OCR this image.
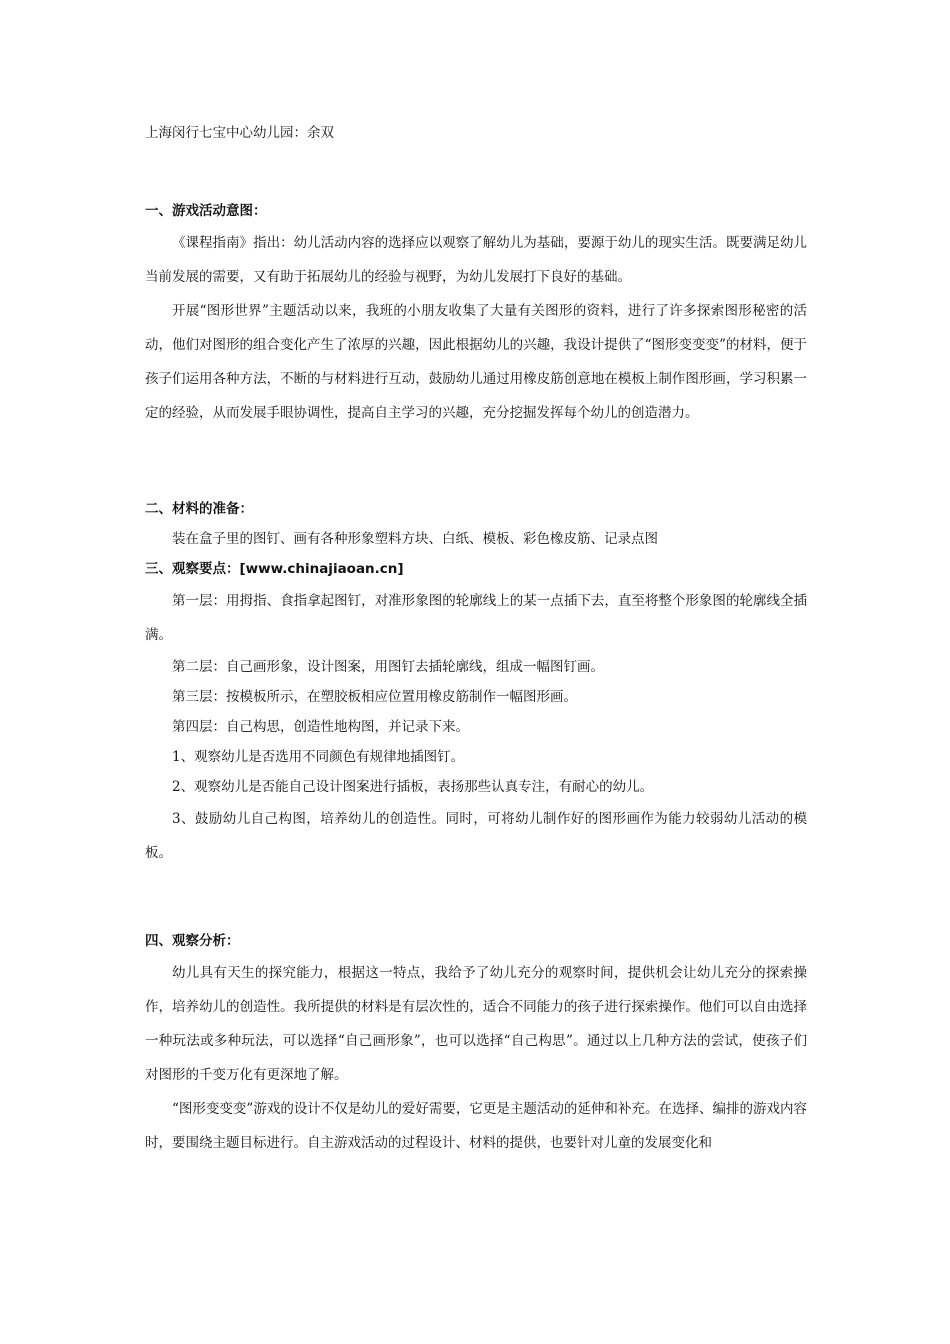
上海闵行七宝中心幼儿园：余双

一、游戏活动意图：

《课程指南》指出：幼儿活动内容的选择应以观察了解幼儿为基础，要源于幼儿的现实生活。既要满足幼儿当前发展的需要，又有助于拓展幼儿的经验与视野，为幼儿发展打下良好的基础。

开展“图形世界”主题活动以来，我班的小朋友收集了大量有关图形的资料，进行了许多探索图形秘密的活动，他们对图形的组合变化产生了浓厚的兴趣，因此根据幼儿的兴趣，我设计提供了“图形变变变”的材料，便于孩子们运用各种方法，不断的与材料进行互动，鼓励幼儿通过用橡皮筋创意地在模板上制作图形画，学习积累一定的经验，从而发展手眼协调性，提高自主学习的兴趣，充分挖掘发挥每个幼儿的创造潜力。

二、材料的准备：

装在盒子里的图钉、画有各种形象塑料方块、白纸、模板、彩色橡皮筋、记录点图

三、观察要点：[www.chinajiaoan.cn]

第一层：用拇指、食指拿起图钉，对准形象图的轮廓线上的某一点插下去，直至将整个形象图的轮廓线全插满。

第二层：自己画形象，设计图案，用图钉去插轮廓线，组成一幅图钉画。

第三层：按模板所示，在塑胶板相应位置用橡皮筋制作一幅图形画。

第四层：自己构思，创造性地构图，并记录下来。

1、观察幼儿是否选用不同颜色有规律地插图钉。

2、观察幼儿是否能自己设计图案进行插板，表扬那些认真专注，有耐心的幼儿。

3、鼓励幼儿自己构图，培养幼儿的创造性。同时，可将幼儿制作好的图形画作为能力较弱幼儿活动的模板。

四、观察分析：

幼儿具有天生的探究能力，根据这一特点，我给予了幼儿充分的观察时间，提供机会让幼儿充分的探索操作，培养幼儿的创造性。我所提供的材料是有层次性的，适合不同能力的孩子进行探索操作。他们可以自由选择一种玩法或多种玩法，可以选择“自己画形象”，也可以选择“自己构思”。通过以上几种方法的尝试，使孩子们对图形的千变万化有更深地了解。

“图形变变变”游戏的设计不仅是幼儿的爱好需要，它更是主题活动的延伸和补充。在选择、编排的游戏内容时，要围绕主题目标进行。自主游戏活动的过程设计、材料的提供，也要针对儿童的发展变化和
